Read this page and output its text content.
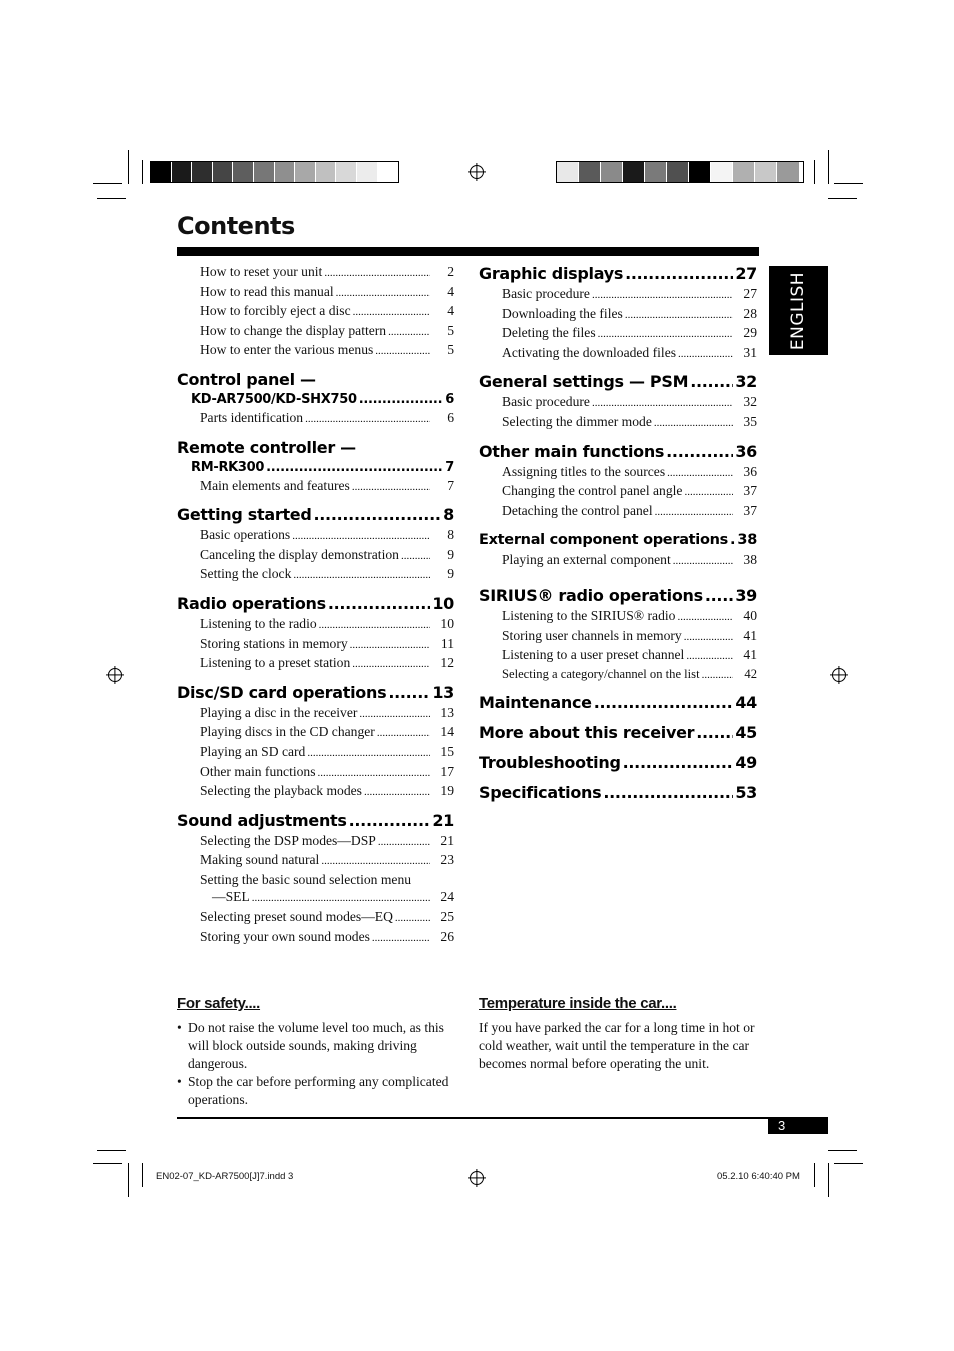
Contents
ENGLISH
How to reset your unit .....	2
How to read this manual .....	4
How to forcibly eject a disc .....	4
How to change the display pattern .....	5
How to enter the various menus .....	5
Control panel —
KD-AR7500/KD-SHX750 .....	6
Parts identification .....	6
Remote controller —
RM-RK300 .....	7
Main elements and features .....	7
Getting started .....	8
Basic operations .....	8
Canceling the display demonstration .....	9
Setting the clock .....	9
Radio operations .....	10
Listening to the radio .....	10
Storing stations in memory .....	11
Listening to a preset station .....	12
Disc/SD card operations .....	13
Playing a disc in the receiver .....	13
Playing discs in the CD changer .....	14
Playing an SD card .....	15
Other main functions .....	17
Selecting the playback modes .....	19
Sound adjustments .....	21
Selecting the DSP modes—DSP .....	21
Making sound natural .....	23
Setting the basic sound selection menu
—SEL .....	24
Selecting preset sound modes—EQ .....	25
Storing your own sound modes .....	26
Graphic displays .....	27
Basic procedure .....	27
Downloading the files .....	28
Deleting the files .....	29
Activating the downloaded files .....	31
General settings — PSM .....	32
Basic procedure .....	32
Selecting the dimmer mode .....	35
Other main functions .....	36
Assigning titles to the sources .....	36
Changing the control panel angle .....	37
Detaching the control panel .....	37
External component operations ..... 38
Playing an external component .....	38
SIRIUS® radio operations ..... 39
Listening to the SIRIUS® radio .....	40
Storing user channels in memory .....	41
Listening to a user preset channel .....	41
Selecting a category/channel on the list .....	42
Maintenance .....	44
More about this receiver .....	45
Troubleshooting .....	49
Specifications .....	53
For safety....
• Do not raise the volume level too much, as this will block outside sounds, making driving dangerous.
• Stop the car before performing any complicated operations.
Temperature inside the car....
If you have parked the car for a long time in hot or cold weather, wait until the temperature in the car becomes normal before operating the unit.
3
EN02-07_KD-AR7500[J]7.indd 3	05.2.10 6:40:40 PM
